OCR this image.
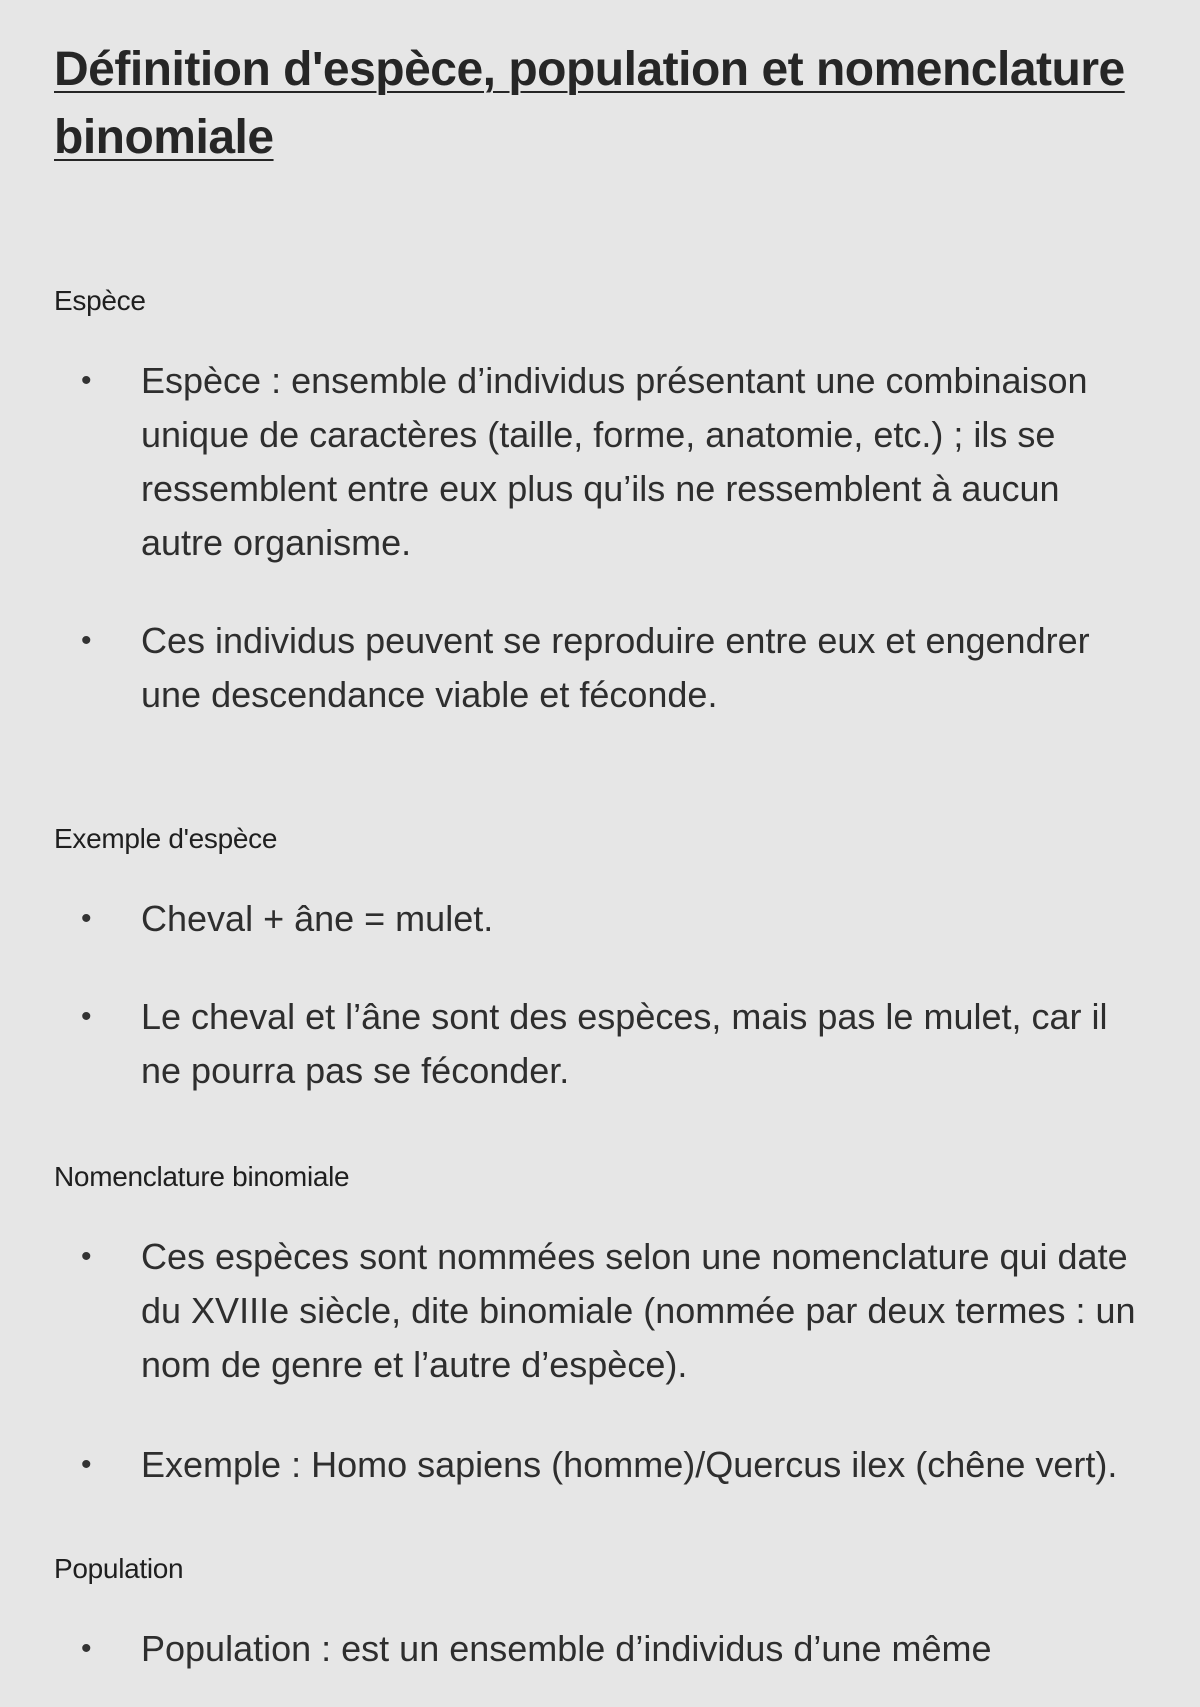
Définition d'espèce, population et nomenclature binomiale
Espèce
• Espèce : ensemble d’individus présentant une combinaison unique de caractères (taille, forme, anatomie, etc.) ; ils se ressemblent entre eux plus qu’ils ne ressemblent à aucun autre organisme.
• Ces individus peuvent se reproduire entre eux et engendrer une descendance viable et féconde.
Exemple d'espèce
• Cheval + âne = mulet.
• Le cheval et l’âne sont des espèces, mais pas le mulet, car il ne pourra pas se féconder.
Nomenclature binomiale
• Ces espèces sont nommées selon une nomenclature qui date du XVIIIe siècle, dite binomiale (nommée par deux termes : un nom de genre et l’autre d’espèce).
• Exemple : Homo sapiens (homme)/Quercus ilex (chêne vert).
Population
• Population : est un ensemble d’individus d’une même
